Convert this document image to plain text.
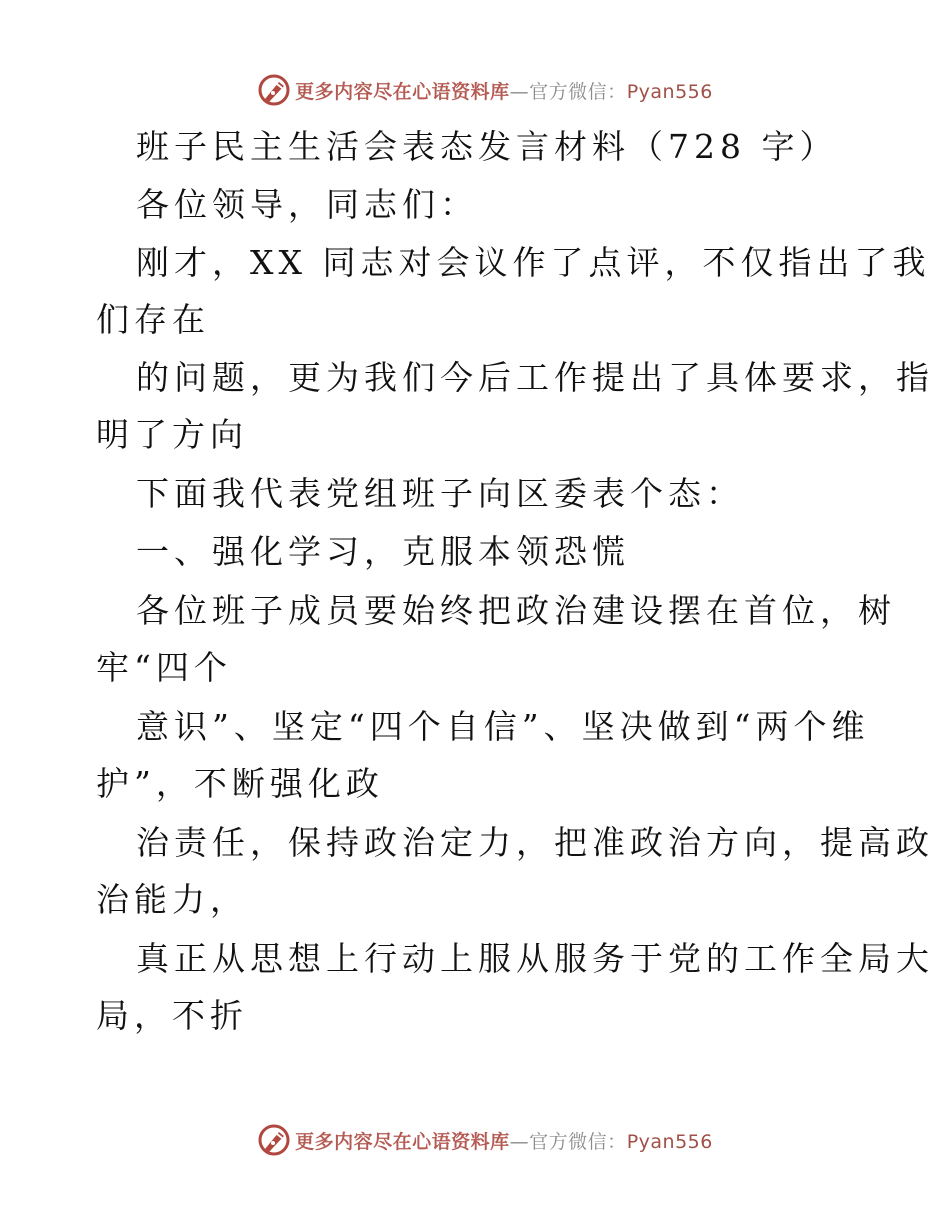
更多内容尽在心语资料库—官方微信：Pyan556
班子民主生活会表态发言材料（728 字）
各位领导，同志们：
刚才，XX 同志对会议作了点评，不仅指出了我
们存在
的问题，更为我们今后工作提出了具体要求，指
明了方向
下面我代表党组班子向区委表个态：
一、强化学习，克服本领恐慌
各位班子成员要始终把政治建设摆在首位，树
牢“四个
意识”、坚定“四个自信”、坚决做到“两个维
护”，不断强化政
治责任，保持政治定力，把准政治方向，提高政
治能力，
真正从思想上行动上服从服务于党的工作全局大
局，不折
更多内容尽在心语资料库—官方微信：Pyan556
